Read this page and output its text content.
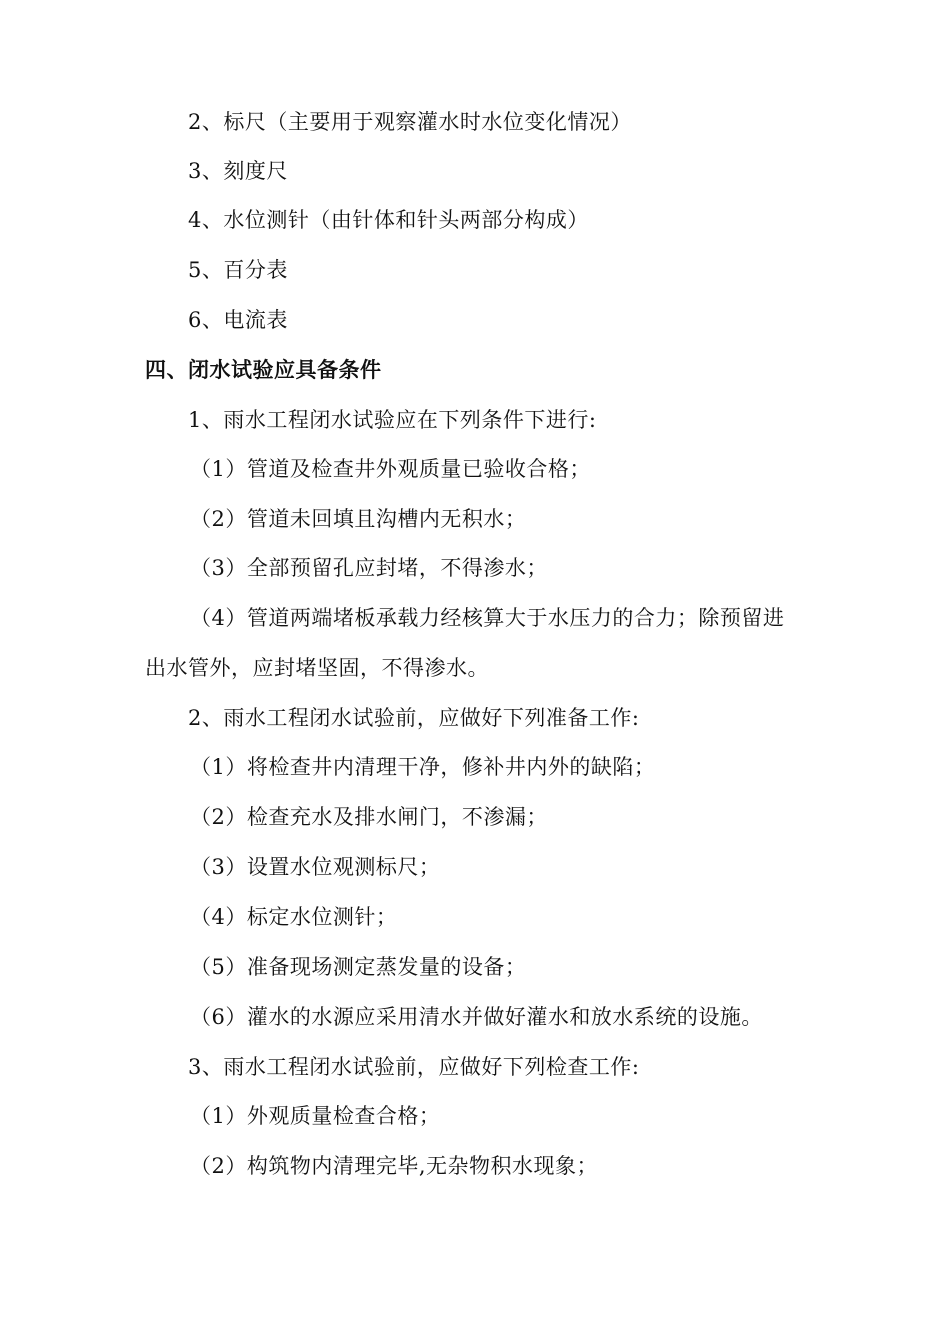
2、标尺（主要用于观察灌水时水位变化情况）
3、刻度尺
4、水位测针（由针体和针头两部分构成）
5、百分表
6、电流表
四、闭水试验应具备条件
1、雨水工程闭水试验应在下列条件下进行:
（1）管道及检查井外观质量已验收合格；
（2）管道未回填且沟槽内无积水；
（3）全部预留孔应封堵，不得渗水；
（4）管道两端堵板承载力经核算大于水压力的合力；除预留进
出水管外，应封堵坚固，不得渗水。
2、雨水工程闭水试验前，应做好下列准备工作:
（1）将检查井内清理干净，修补井内外的缺陷；
（2）检查充水及排水闸门，不渗漏；
（3）设置水位观测标尺；
（4）标定水位测针；
（5）准备现场测定蒸发量的设备；
（6）灌水的水源应采用清水并做好灌水和放水系统的设施。
3、雨水工程闭水试验前，应做好下列检查工作:
（1）外观质量检查合格；
（2）构筑物内清理完毕,无杂物积水现象；
